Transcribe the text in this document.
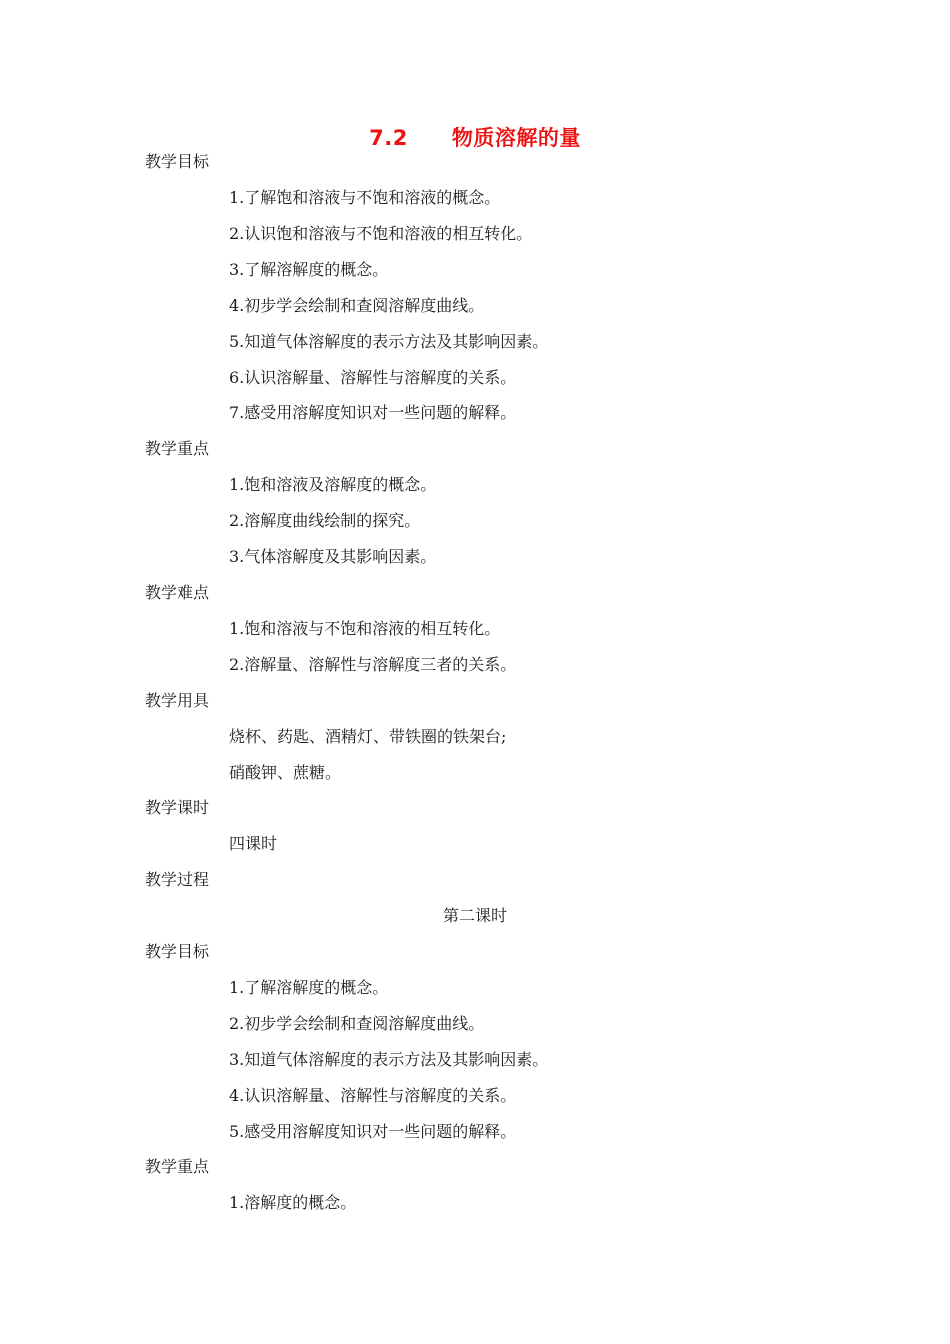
7.2 物质溶解的量
教学目标
1.了解饱和溶液与不饱和溶液的概念。
2.认识饱和溶液与不饱和溶液的相互转化。
3.了解溶解度的概念。
4.初步学会绘制和查阅溶解度曲线。
5.知道气体溶解度的表示方法及其影响因素。
6.认识溶解量、溶解性与溶解度的关系。
7.感受用溶解度知识对一些问题的解释。
教学重点
1.饱和溶液及溶解度的概念。
2.溶解度曲线绘制的探究。
3.气体溶解度及其影响因素。
教学难点
1.饱和溶液与不饱和溶液的相互转化。
2.溶解量、溶解性与溶解度三者的关系。
教学用具
烧杯、药匙、酒精灯、带铁圈的铁架台;
硝酸钾、蔗糖。
教学课时
四课时
教学过程
第二课时
教学目标
1.了解溶解度的概念。
2.初步学会绘制和查阅溶解度曲线。
3.知道气体溶解度的表示方法及其影响因素。
4.认识溶解量、溶解性与溶解度的关系。
5.感受用溶解度知识对一些问题的解释。
教学重点
1.溶解度的概念。
